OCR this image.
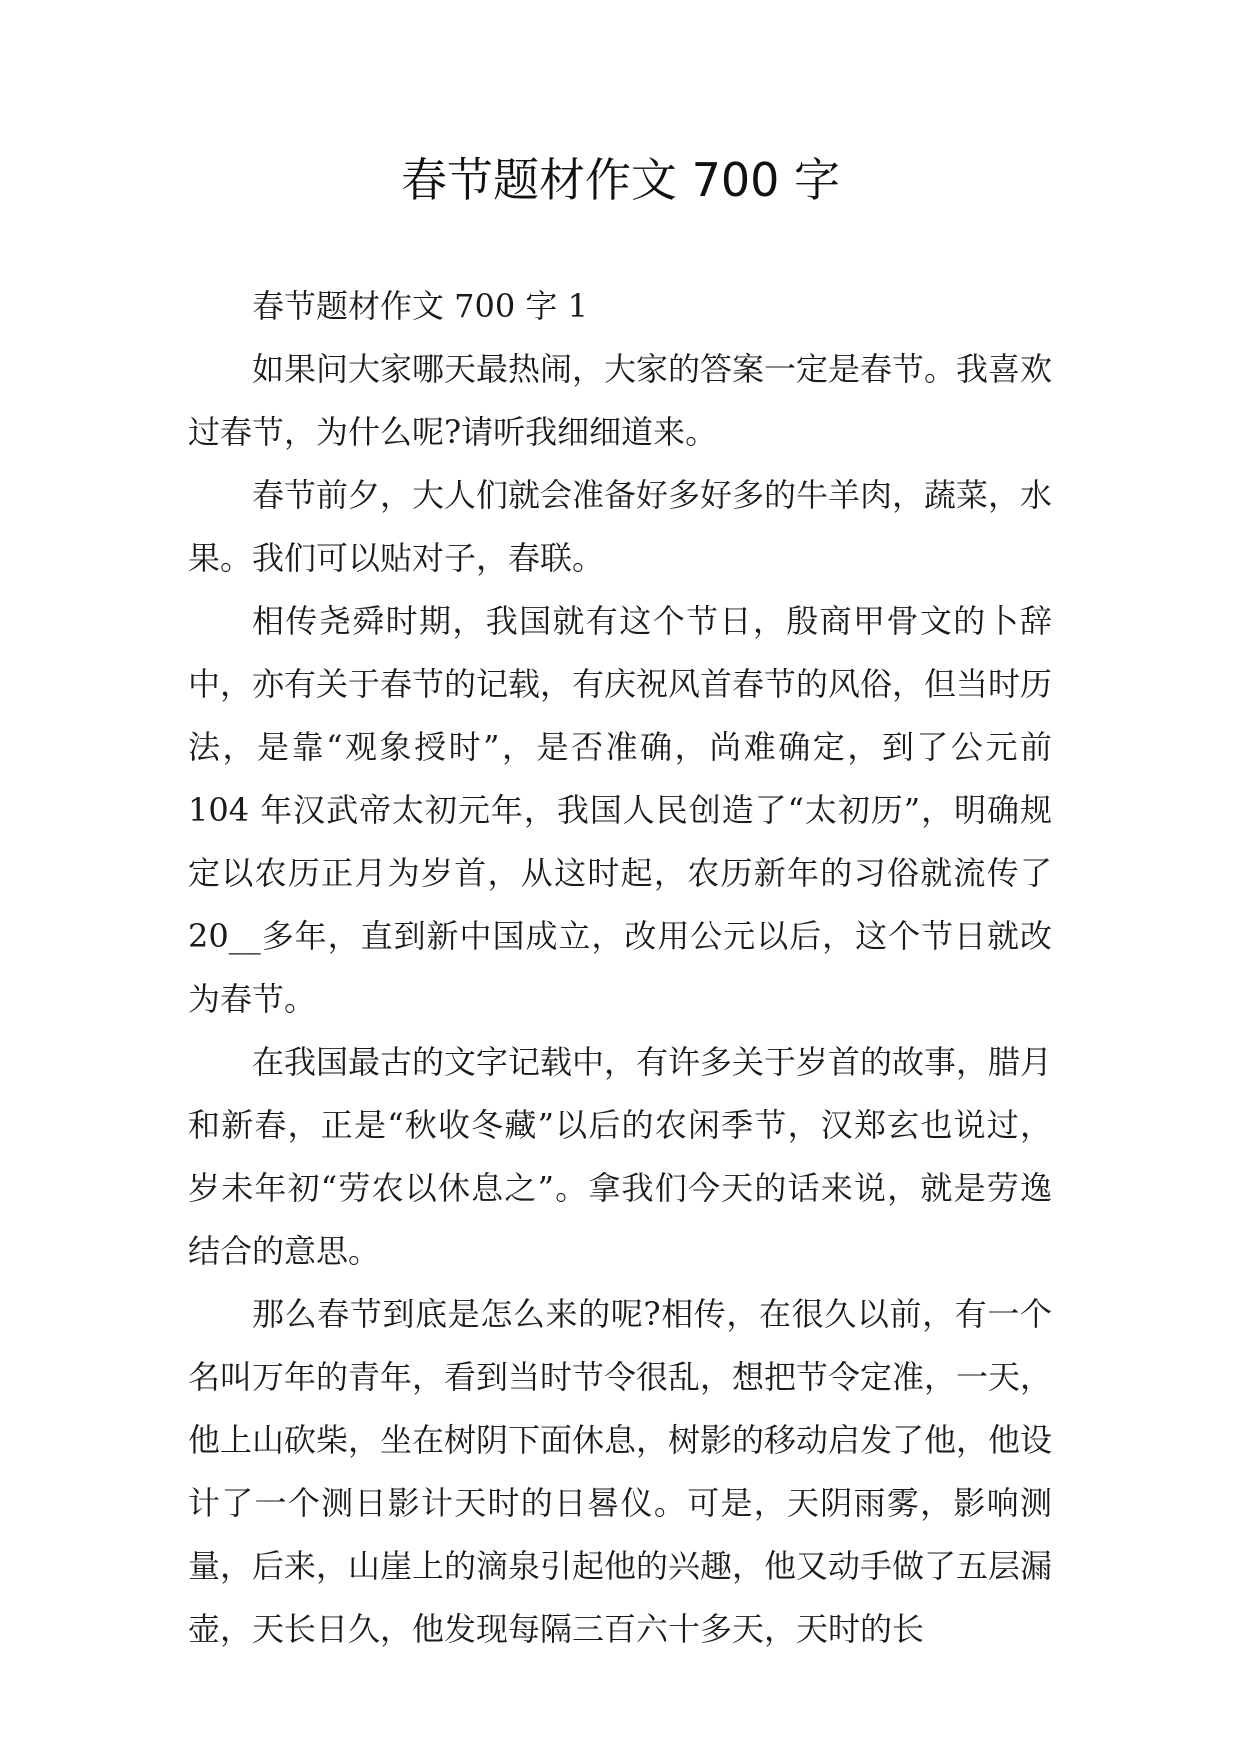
春节题材作文 700 字

春节题材作文 700 字 1

如果问大家哪天最热闹，大家的答案一定是春节。我喜欢过春节，为什么呢?请听我细细道来。

春节前夕，大人们就会准备好多好多的牛羊肉，蔬菜，水果。我们可以贴对子，春联。

相传尧舜时期，我国就有这个节日，殷商甲骨文的卜辞中，亦有关于春节的记载，有庆祝风首春节的风俗，但当时历法，是靠“观象授时”，是否准确，尚难确定，到了公元前 104 年汉武帝太初元年，我国人民创造了“太初历”，明确规定以农历正月为岁首，从这时起，农历新年的习俗就流传了 20__多年，直到新中国成立，改用公元以后，这个节日就改为春节。

在我国最古的文字记载中，有许多关于岁首的故事，腊月和新春，正是“秋收冬藏”以后的农闲季节，汉郑玄也说过，岁未年初“劳农以休息之”。拿我们今天的话来说，就是劳逸结合的意思。

那么春节到底是怎么来的呢?相传，在很久以前，有一个名叫万年的青年，看到当时节令很乱，想把节令定准，一天，他上山砍柴，坐在树阴下面休息，树影的移动启发了他，他设计了一个测日影计天时的日晷仪。可是，天阴雨雾，影响测量，后来，山崖上的滴泉引起他的兴趣，他又动手做了五层漏壶，天长日久，他发现每隔三百六十多天，天时的长
